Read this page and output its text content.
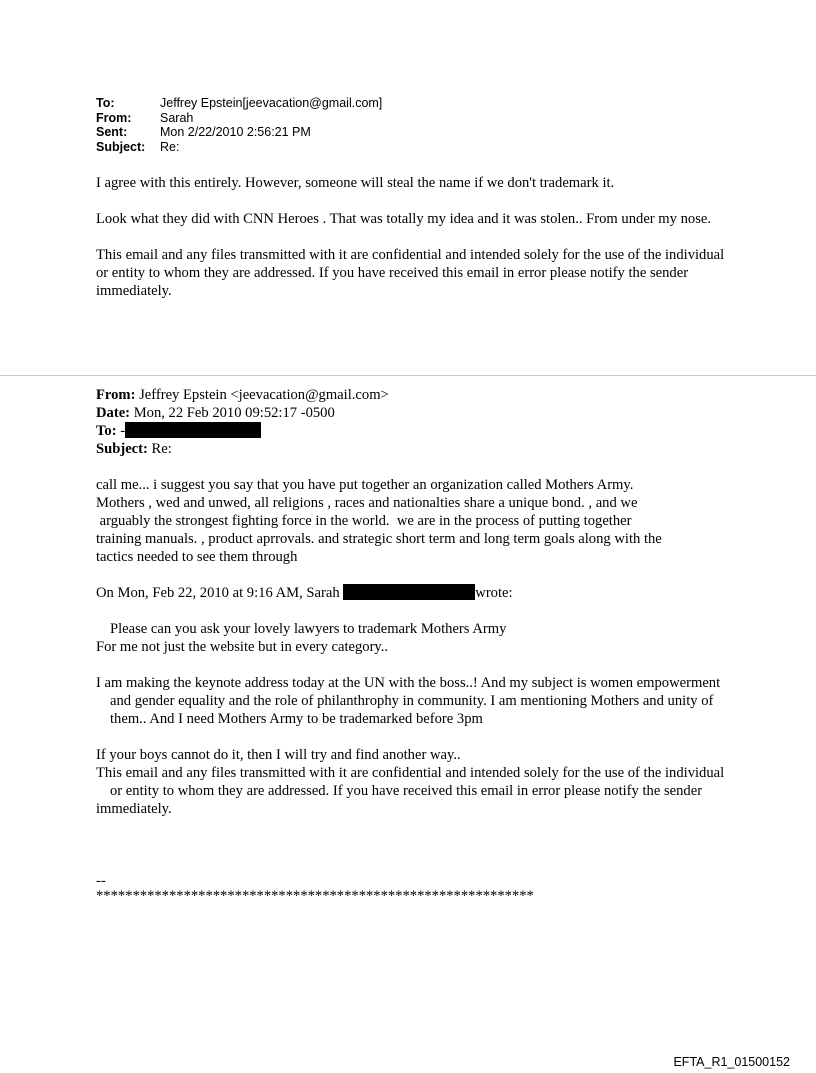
To:	Jeffrey Epstein[jeevacation@gmail.com]
From:	Sarah
Sent:	Mon 2/22/2010 2:56:21 PM
Subject:	Re:

I agree with this entirely. However, someone will steal the name if we don't trademark it.

Look what they did with CNN Heroes . That was totally my idea and it was stolen.. From under my nose.

This email and any files transmitted with it are confidential and intended solely for the use of the individual or entity to whom they are addressed. If you have received this email in error please notify the sender
immediately.

From: Jeffrey Epstein <jeevacation@gmail.com>
Date: Mon, 22 Feb 2010 09:52:17 -0500
To: -
Subject: Re:
call me... i suggest you say that you have put together an organization called Mothers Army.
Mothers , wed and unwed, all religions , races and nationalties share a unique bond. , and we
arguably the strongest fighting force in the world.  we are in the process of putting together
training manuals. , product aprrovals. and strategic short term and long term goals along with the
tactics needed to see them through
On Mon, Feb 22, 2010 at 9:16 AM, Sarah	wrote:
Please can you ask your lovely lawyers to trademark Mothers Army
For me not just the website but in every category..
I am making the keynote address today at the UN with the boss..! And my subject is women empowerment and gender equality and the role of philanthrophy in community. I am mentioning Mothers and unity of them.. And I need Mothers Army to be trademarked before 3pm
If your boys cannot do it, then I will try and find another way..
This email and any files transmitted with it are confidential and intended solely for the use of the individual or entity to whom they are addressed. If you have received this email in error please notify the sender
immediately.
--
************************************************************
EFTA_R1_01500152
